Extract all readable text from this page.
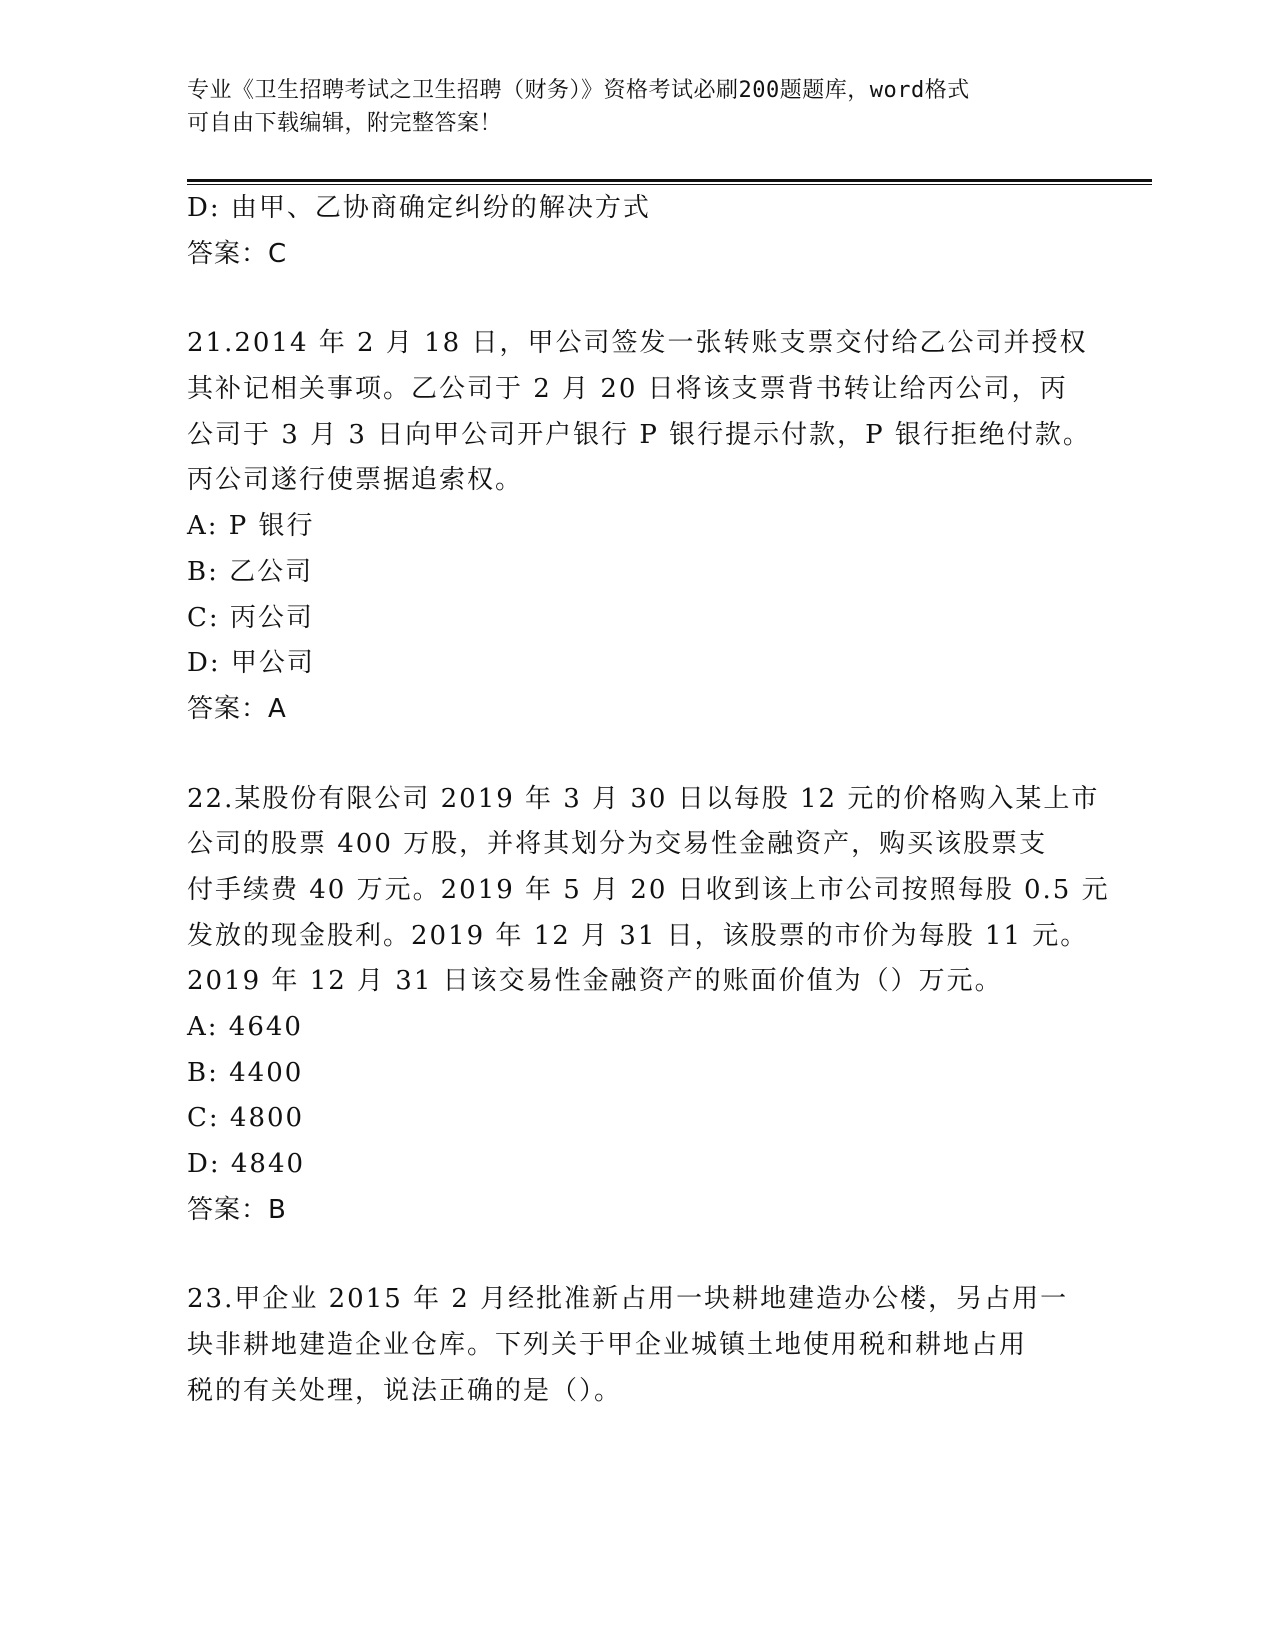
专业《卫生招聘考试之卫生招聘（财务）》资格考试必刷200题题库，word格式
可自由下载编辑，附完整答案！
D: 由甲、乙协商确定纠纷的解决方式
答案：C
21.2014 年 2 月 18 日，甲公司签发一张转账支票交付给乙公司并授权
其补记相关事项。乙公司于 2 月 20 日将该支票背书转让给丙公司，丙
公司于 3 月 3 日向甲公司开户银行 P 银行提示付款，P 银行拒绝付款。
丙公司遂行使票据追索权。
A: P 银行
B: 乙公司
C: 丙公司
D: 甲公司
答案：A
22.某股份有限公司 2019 年 3 月 30 日以每股 12 元的价格购入某上市
公司的股票 400 万股，并将其划分为交易性金融资产，购买该股票支
付手续费 40 万元。2019 年 5 月 20 日收到该上市公司按照每股 0.5 元
发放的现金股利。2019 年 12 月 31 日，该股票的市价为每股 11 元。
2019 年 12 月 31 日该交易性金融资产的账面价值为（）万元。
A: 4640
B: 4400
C: 4800
D: 4840
答案：B
23.甲企业 2015 年 2 月经批准新占用一块耕地建造办公楼，另占用一
块非耕地建造企业仓库。下列关于甲企业城镇土地使用税和耕地占用
税的有关处理，说法正确的是（）。
